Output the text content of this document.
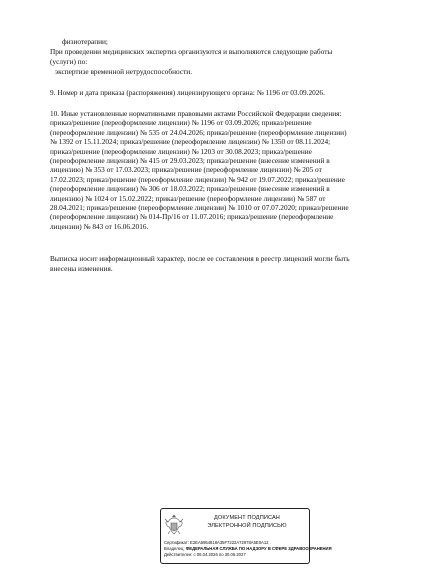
физиотерапии;

При проведении медицинских экспертиз организуются и выполняются следующие работы

(услуги) по:

экспертизе временной нетрудоспособности.

9. Номер и дата приказа (распоряжения) лицензирующего органа: № 1196 от 03.09.2026.

10. Иные установленные нормативными правовыми актами Российской Федерации сведения:
приказ/решение (переоформление лицензии) № 1196 от 03.09.2026; приказ/решение
(переоформление лицензии) № 535 от 24.04.2026; приказ/решение (переоформление лицензии)
№ 1392 от 15.11.2024; приказ/решение (переоформление лицензии) № 1350 от 08.11.2024;
приказ/решение (переоформление лицензии) № 1203 от 30.08.2023; приказ/решение
(переоформление лицензии) № 415 от 29.03.2023; приказ/решение (внесение изменений в
лицензию) № 353 от 17.03.2023; приказ/решение (переоформление лицензии) № 205 от
17.02.2023; приказ/решение (переоформление лицензии) № 942 от 19.07.2022; приказ/решение
(переоформление лицензии) № 306 от 18.03.2022; приказ/решение (внесение изменений в
лицензию) № 1024 от 15.02.2022; приказ/решение (переоформление лицензии) № 587 от
28.04.2021; приказ/решение (переоформление лицензии) № 1010 от 07.07.2020; приказ/решение
(переоформление лицензии) № 014-Пр/16 от 11.07.2016; приказ/решение (переоформление
лицензии) № 843 от 16.06.2016.

Выписка носит информационный характер, после ее составления в реестр лицензий могли быть

внесены изменения.

ДОКУМЕНТ ПОДПИСАН
ЭЛЕКТРОННОЙ ПОДПИСЬЮ
Сертификат: E2EA5954818A35F7222A72978A5E0A12
Владелец: ФЕДЕРАЛЬНАЯ СЛУЖБА ПО НАДЗОРУ В СФЕРЕ ЗДРАВООХРАНЕНИЯ
Действителен: с 06.04.2026 по 30.06.2027
